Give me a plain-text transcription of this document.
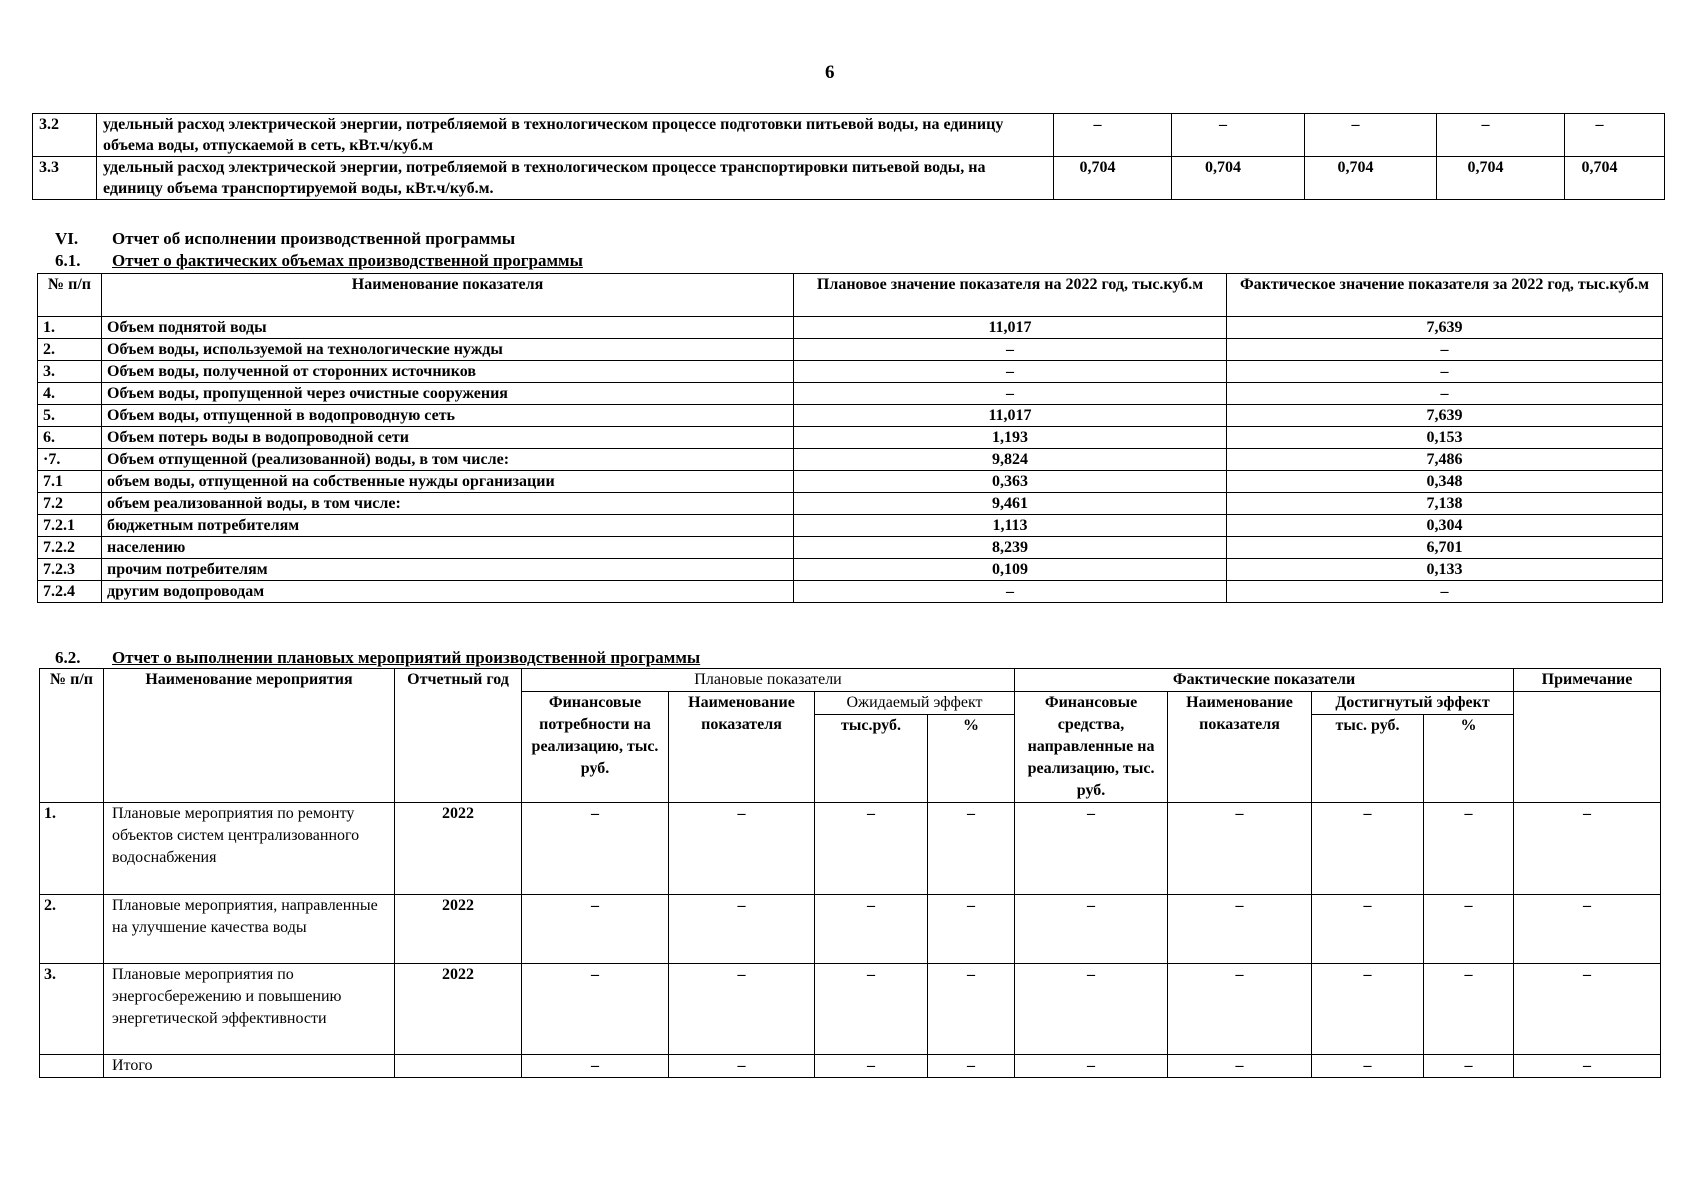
6
3.2	удельный расход электрической энергии, потребляемой в технологическом процессе подготовки питьевой воды, на единицу объема воды, отпускаемой в сеть, кВт.ч/куб.м	–	–	–	–	–
3.3	удельный расход электрической энергии, потребляемой в технологическом процессе транспортировки питьевой воды, на единицу объема транспортируемой воды, кВт.ч/куб.м.	0,704	0,704	0,704	0,704	0,704
VI. Отчет об исполнении производственной программы
6.1. Отчет о фактических объемах производственной программы
№ п/п	Наименование показателя	Плановое значение показателя на 2022 год, тыс.куб.м	Фактическое значение показателя за 2022 год, тыс.куб.м
1.	Объем поднятой воды	11,017	7,639
2.	Объем воды, используемой на технологические нужды	–	–
3.	Объем воды, полученной от сторонних источников	–	–
4.	Объем воды, пропущенной через очистные сооружения	–	–
5.	Объем воды, отпущенной в водопроводную сеть	11,017	7,639
6.	Объем потерь воды в водопроводной сети	1,193	0,153
·7.	Объем отпущенной (реализованной) воды, в том числе:	9,824	7,486
7.1	объем воды, отпущенной на собственные нужды организации	0,363	0,348
7.2	объем реализованной воды, в том числе:	9,461	7,138
7.2.1	бюджетным потребителям	1,113	0,304
7.2.2	населению	8,239	6,701
7.2.3	прочим потребителям	0,109	0,133
7.2.4	другим водопроводам	–	–
6.2. Отчет о выполнении плановых мероприятий производственной программы
№ п/п	Наименование мероприятия	Отчетный год	Плановые показатели				Фактические показатели				Примечание
			Финансовые потребности на реализацию, тыс. руб.	Наименование показателя	Ожидаемый эффект		Финансовые средства, направленные на реализацию, тыс. руб.	Наименование показателя	Достигнутый эффект		
					тыс.руб.	%			тыс. руб.	%	
1.	Плановые мероприятия по ремонту объектов систем централизованного водоснабжения	2022	–	–	–	–	–	–	–	–	–
2.	Плановые мероприятия, направленные на улучшение качества воды	2022	–	–	–	–	–	–	–	–	–
3.	Плановые мероприятия по энергосбережению и повышению энергетической эффективности	2022	–	–	–	–	–	–	–	–	–
	Итого		–	–	–	–	–	–	–	–	–
